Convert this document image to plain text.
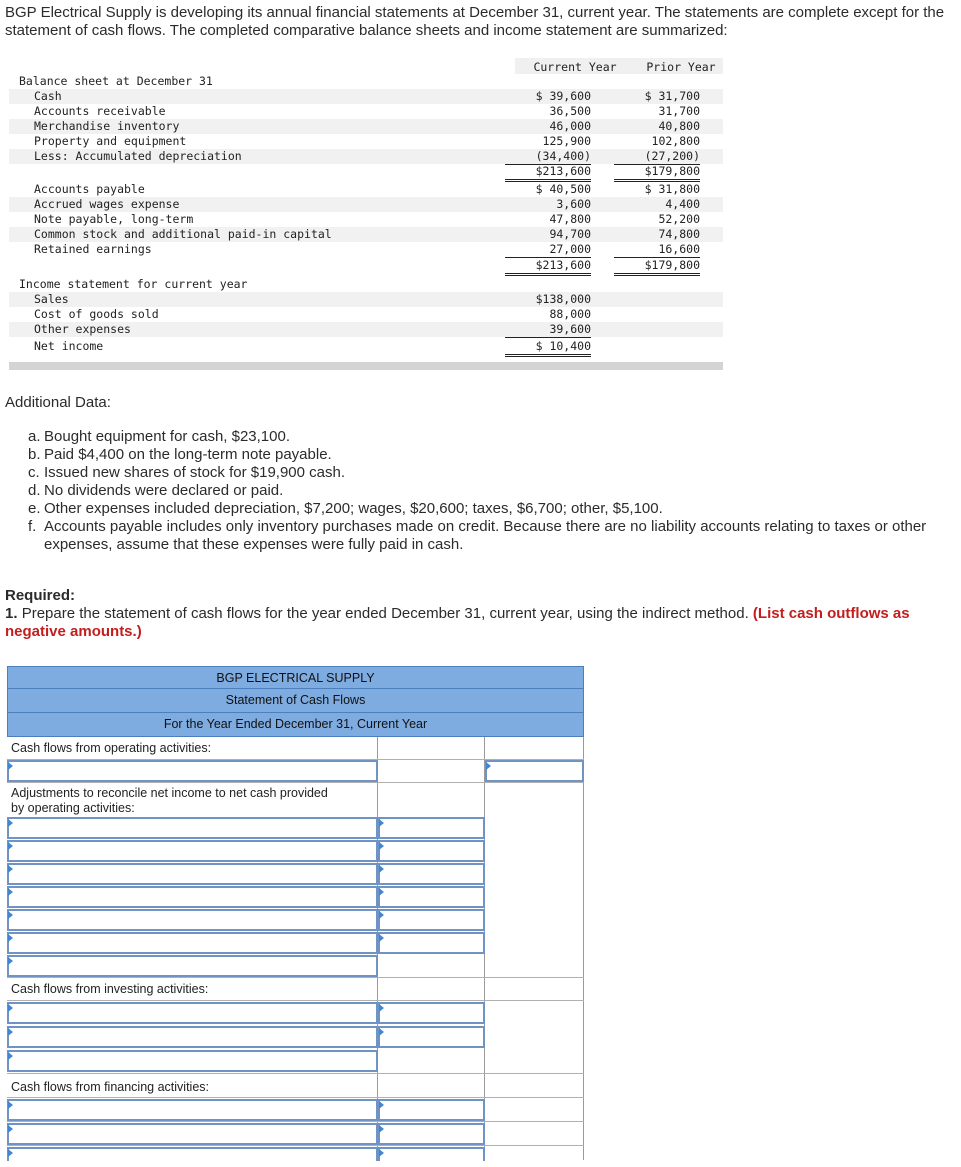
BGP Electrical Supply is developing its annual financial statements at December 31, current year. The statements are complete except for the statement of cash flows. The completed comparative balance sheets and income statement are summarized:
Current Year	Prior Year
Balance sheet at December 31
Cash	$ 39,600	$ 31,700
Accounts receivable	36,500	31,700
Merchandise inventory	46,000	40,800
Property and equipment	125,900	102,800
Less: Accumulated depreciation	(34,400)	(27,200)
$213,600	$179,800
Accounts payable	$ 40,500	$ 31,800
Accrued wages expense	3,600	4,400
Note payable, long-term	47,800	52,200
Common stock and additional paid-in capital	94,700	74,800
Retained earnings	27,000	16,600
$213,600	$179,800
Income statement for current year
Sales	$138,000
Cost of goods sold	88,000
Other expenses	39,600
Net income	$ 10,400
Additional Data:
a. Bought equipment for cash, $23,100.
b. Paid $4,400 on the long-term note payable.
c. Issued new shares of stock for $19,900 cash.
d. No dividends were declared or paid.
e. Other expenses included depreciation, $7,200; wages, $20,600; taxes, $6,700; other, $5,100.
f. Accounts payable includes only inventory purchases made on credit. Because there are no liability accounts relating to taxes or other expenses, assume that these expenses were fully paid in cash.
Required:
1. Prepare the statement of cash flows for the year ended December 31, current year, using the indirect method. (List cash outflows as negative amounts.)
BGP ELECTRICAL SUPPLY
Statement of Cash Flows
For the Year Ended December 31, Current Year
Cash flows from operating activities:
Adjustments to reconcile net income to net cash provided
by operating activities:
Cash flows from investing activities:
Cash flows from financing activities:
